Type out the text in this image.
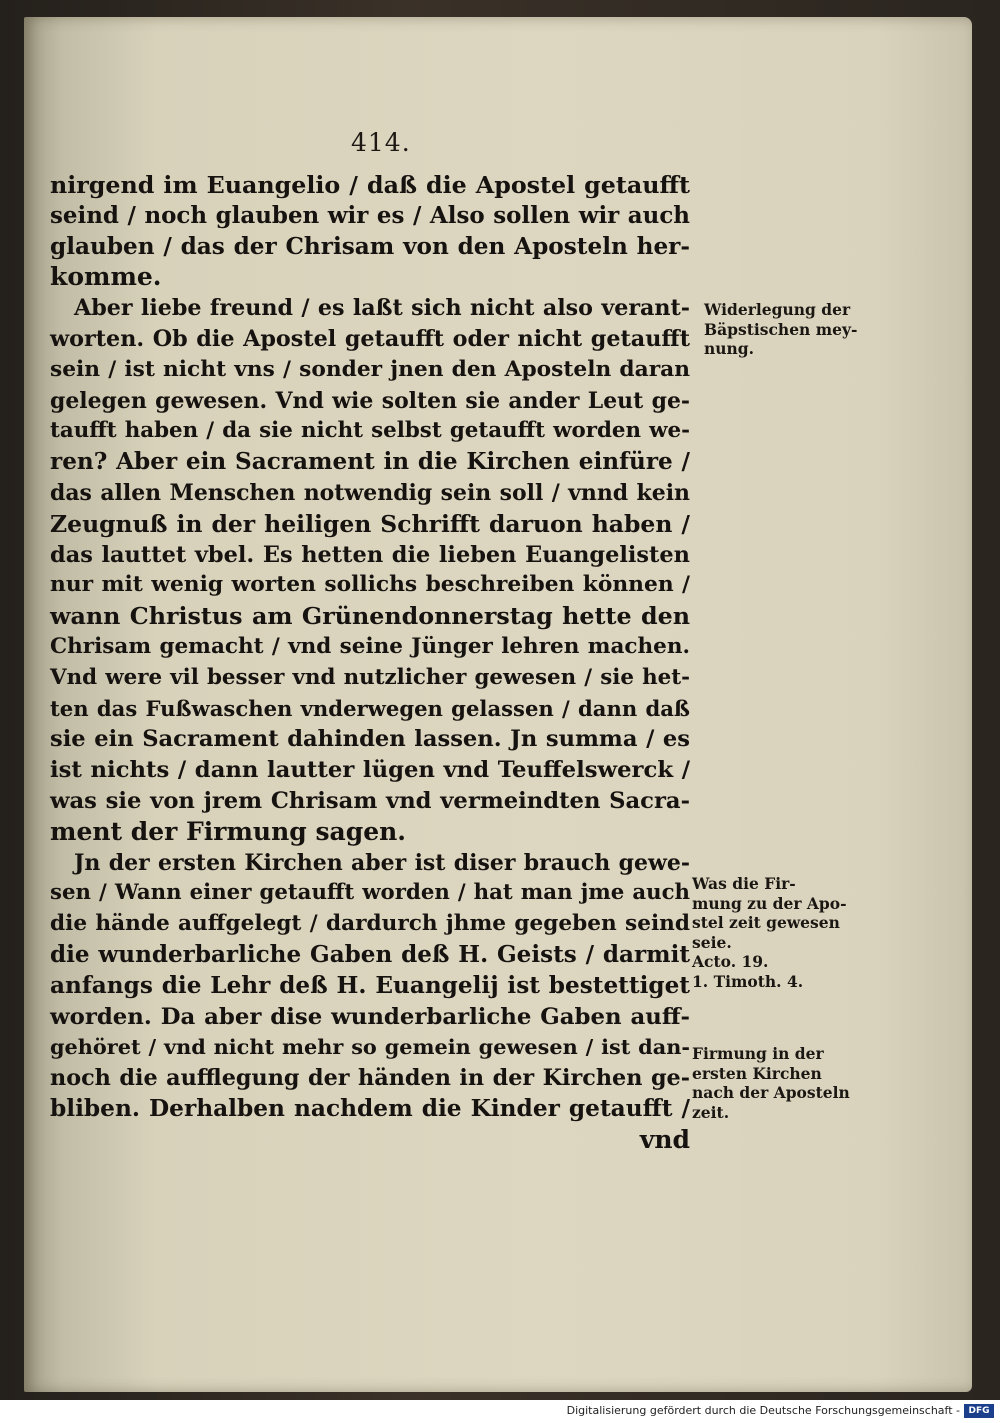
414.
nirgend im Euangelio / daß die Apostel getaufft
seind / noch glauben wir es / Also sollen wir auch
glauben / das der Chrisam von den Aposteln her-
komme.
Aber liebe freund / es laßt sich nicht also verant-
worten. Ob die Apostel getaufft oder nicht getaufft
sein / ist nicht vns / sonder jnen den Aposteln daran
gelegen gewesen. Vnd wie solten sie ander Leut ge-
taufft haben / da sie nicht selbst getaufft worden we-
ren? Aber ein Sacrament in die Kirchen einfüre /
das allen Menschen notwendig sein soll / vnnd kein
Zeugnuß in der heiligen Schrifft daruon haben /
das lauttet vbel. Es hetten die lieben Euangelisten
nur mit wenig worten sollichs beschreiben können /
wann Christus am Grünendonnerstag hette den
Chrisam gemacht / vnd seine Jünger lehren machen.
Vnd were vil besser vnd nutzlicher gewesen / sie het-
ten das Fußwaschen vnderwegen gelassen / dann daß
sie ein Sacrament dahinden lassen. Jn summa / es
ist nichts / dann lautter lügen vnd Teuffelswerck /
was sie von jrem Chrisam vnd vermeindten Sacra-
ment der Firmung sagen.
Jn der ersten Kirchen aber ist diser brauch gewe-
sen / Wann einer getaufft worden / hat man jme auch
die hände auffgelegt / dardurch jhme gegeben seind
die wunderbarliche Gaben deß H. Geists / darmit
anfangs die Lehr deß H. Euangelij ist bestettiget
worden. Da aber dise wunderbarliche Gaben auff-
gehöret / vnd nicht mehr so gemein gewesen / ist dan-
noch die aufflegung der händen in der Kirchen ge-
bliben. Derhalben nachdem die Kinder getaufft /
vnd
Widerlegung der
Bäpstischen mey-
nung.
Was die Fir-
mung zu der Apo-
stel zeit gewesen
seie.
Acto. 19.
1. Timoth. 4.
Firmung in der
ersten Kirchen
nach der Aposteln
zeit.
Digitalisierung gefördert durch die Deutsche Forschungsgemeinschaft - DFG
